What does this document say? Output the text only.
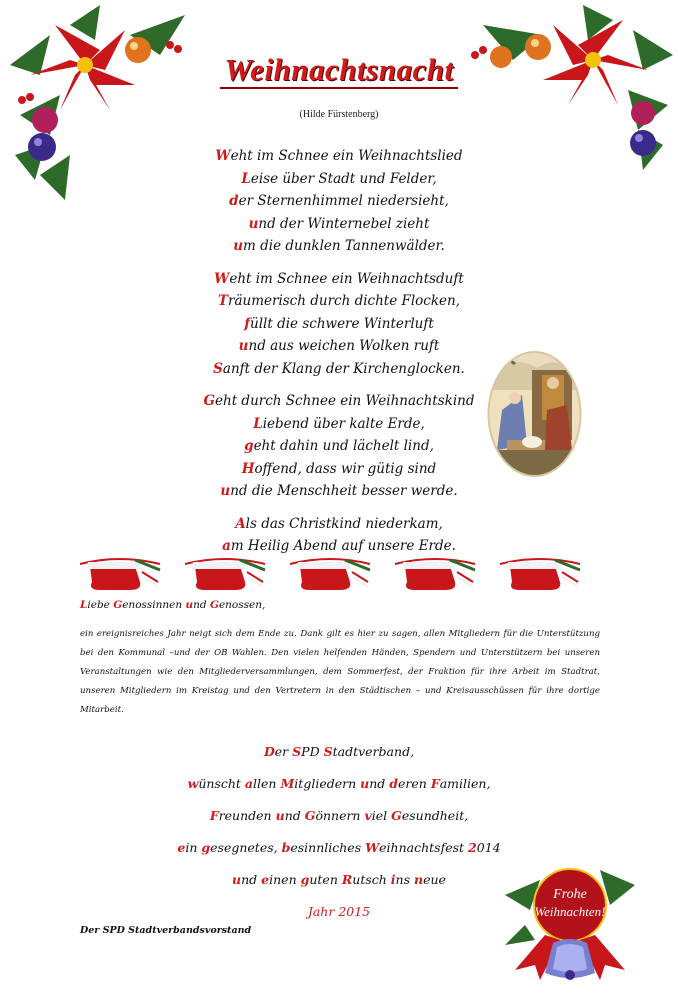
Weihnachtsnacht
(Hilde Fürstenberg)
Weht im Schnee ein Weihnachtslied
Leise über Stadt und Felder,
der Sternenhimmel niedersieht,
und der Winternebel zieht
um die dunklen Tannenwälder.
Weht im Schnee ein Weihnachtsduft
Träumerisch durch dichte Flocken,
füllt die schwere Winterluft
und aus weichen Wolken ruft
Sanft der Klang der Kirchenglocken.
Geht durch Schnee ein Weihnachtskind
Liebend über kalte Erde,
geht dahin und lächelt lind,
Hoffend, dass wir gütig sind
und die Menschheit besser werde.
Als das Christkind niederkam,
am Heilig Abend auf unsere Erde.
Liebe Genossinnen und Genossen,
ein ereignisreiches Jahr neigt sich dem Ende zu. Dank gilt es hier zu sagen, allen Mitgliedern für die Unterstützung bei den Kommunal –und der OB Wahlen. Den vielen helfenden Händen, Spendern und Unterstützern bei unseren Veranstaltungen wie den Mitgliederversammlungen, dem Sommerfest, der Fraktion für ihre Arbeit im Stadtrat, unseren Mitgliedern im Kreistag und den Vertretern in den Städtischen – und Kreisausschüssen für ihre dortige Mitarbeit.
Der SPD Stadtverband,
wünscht allen Mitgliedern und deren Familien,
Freunden und Gönnern viel Gesundheit,
ein gesegnetes, besinnliches Weihnachtsfest 2014
und einen guten Rutsch ins neue
Jahr 2015
Der SPD Stadtverbandsvorstand
Frohe
Weihnachten!
